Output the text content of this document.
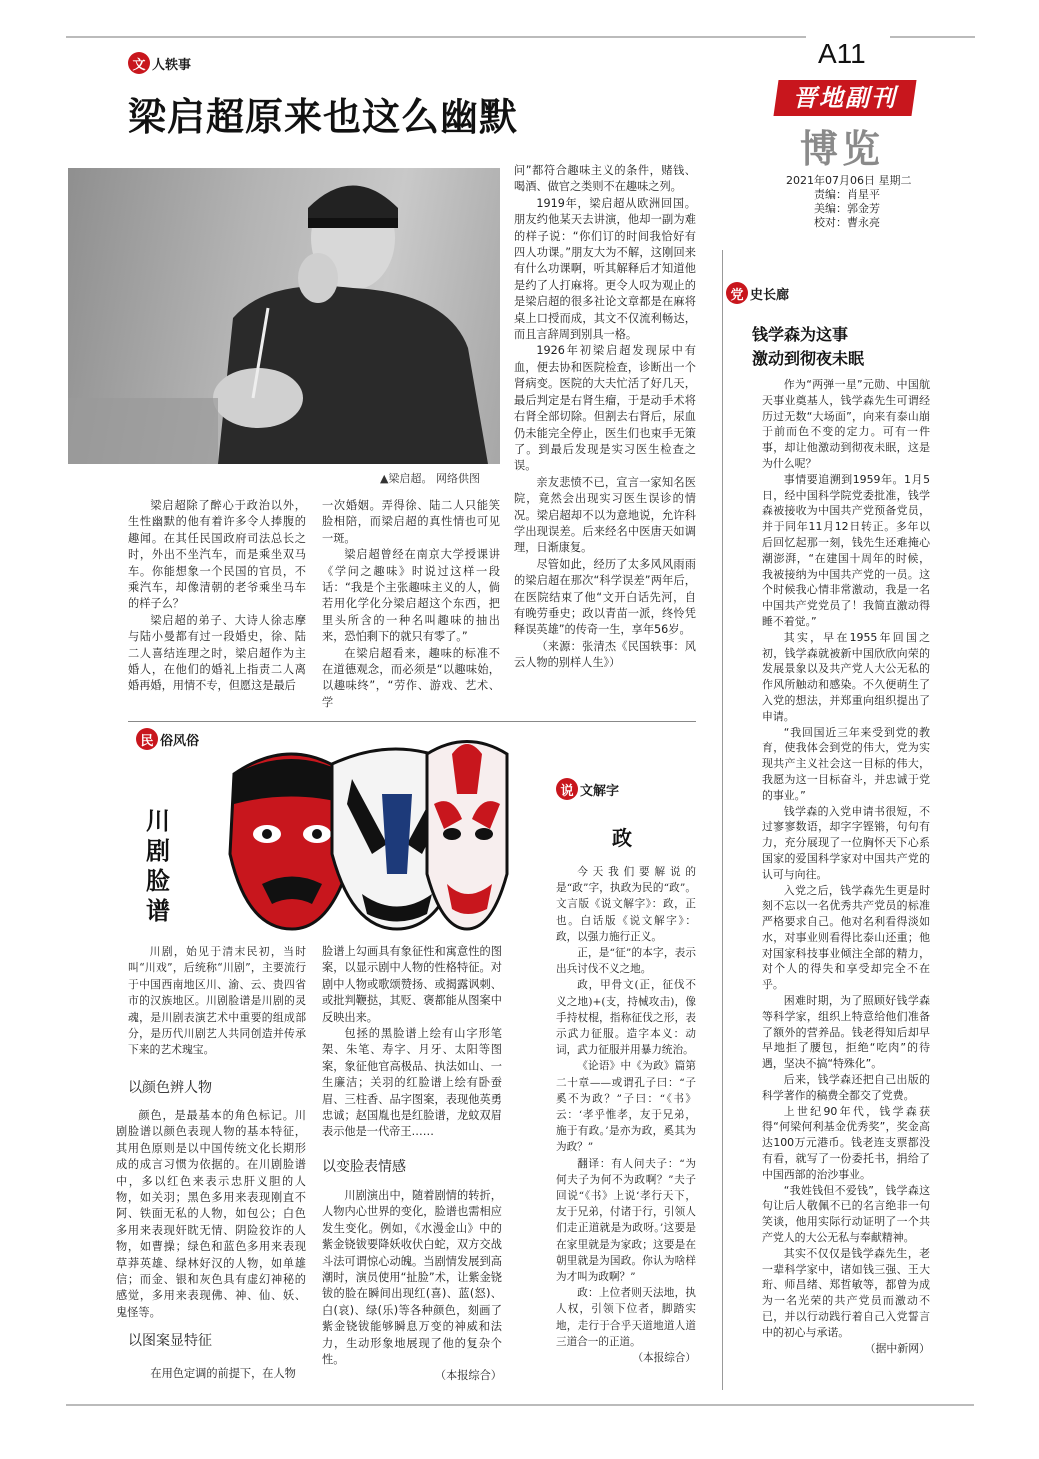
A11
晋地副刊
博览
2021年07月06日 星期二
责编：肖星平
美编：郭金芳
校对：曹永亮
文 人轶事
梁启超原来也这么幽默
▲梁启超。 网络供图

梁启超除了醉心于政治以外，生性幽默的他有着许多令人捧腹的趣闻。在其任民国政府司法总长之时，外出不坐汽车，而是乘坐双马车。你能想象一个民国的官员，不乘汽车，却像清朝的老爷乘坐马车的样子么？

梁启超的弟子、大诗人徐志摩与陆小曼都有过一段婚史，徐、陆二人喜结连理之时，梁启超作为主婚人，在他们的婚礼上指责二人离婚再婚，用情不专，但愿这是最后

一次婚姻。弄得徐、陆二人只能笑脸相陪，而梁启超的真性情也可见一斑。

梁启超曾经在南京大学授课讲《学问之趣味》时说过这样一段话：“我是个主张趣味主义的人，倘若用化学化分梁启超这个东西，把里头所含的一种名叫趣味的抽出来，恐怕剩下的就只有零了。”

在梁启超看来，趣味的标准不在道德观念，而必须是“以趣味始，以趣味终”，“劳作、游戏、艺术、学

问”都符合趣味主义的条件，赌钱、喝酒、做官之类则不在趣味之列。

1919年，梁启超从欧洲回国。朋友约他某天去讲演，他却一副为难的样子说：“你们订的时间我恰好有四人功课。”朋友大为不解，这刚回来有什么功课啊，听其解释后才知道他是约了人打麻将。更令人叹为观止的是梁启超的很多社论文章都是在麻将桌上口授而成，其文不仅流利畅达，而且言辞周到别具一格。

1926年初梁启超发现尿中有血，便去协和医院检查，诊断出一个肾病变。医院的大夫忙活了好几天，最后判定是右肾生瘤，于是动手术将右肾全部切除。但割去右肾后，尿血仍未能完全停止，医生们也束手无策了。到最后发现是实习医生检查之误。

亲友悲愤不已，宣言一家知名医院，竟然会出现实习医生误诊的情况。梁启超却不以为意地说，允许科学出现误差。后来经名中医唐天如调理，日渐康复。

尽管如此，经历了太多风风雨雨的梁启超在那次“科学误差”两年后，在医院结束了他“文开白话先河，自有晚劳垂史；政以青苗一派，终怜凭释误英雄”的传奇一生，享年56岁。

（来源：张清杰《民国轶事：风云人物的别样人生》）

民 俗风俗
川剧脸谱
川剧，始见于清末民初，当时叫“川戏”，后统称“川剧”，主要流行于中国西南地区川、渝、云、贵四省市的汉族地区。川剧脸谱是川剧的灵魂，是川剧表演艺术中重要的组成部分，是历代川剧艺人共同创造并传承下来的艺术瑰宝。
以颜色辨人物

颜色，是最基本的角色标记。川剧脸谱以颜色表现人物的基本特征，其用色原则是以中国传统文化长期形成的成言习惯为依据的。在川剧脸谱中，多以红色来表示忠肝义胆的人物，如关羽；黑色多用来表现刚直不阿、铁面无私的人物，如包公；白色多用来表现奸眈无情、阴险狡诈的人物，如曹操；绿色和蓝色多用来表现草莽英雄、绿林好汉的人物，如单雄信；而金、银和灰色具有虚幻神秘的感觉，多用来表现佛、神、仙、妖、鬼怪等。

以图案显特征

在用色定调的前提下，在人物

脸谱上勾画具有象征性和寓意性的图案，以显示剧中人物的性格特征。对剧中人物或歌颂赞扬、或揭露讽刺、或批判鞭挞，其贬、褒都能从图案中反映出来。

包拯的黑脸谱上绘有山字形笔架、朱笔、寿字、月牙、太阳等图案，象征他官高极品、执法如山、一生廉洁；关羽的红脸谱上绘有卧蚕眉、三柱香、品字图案，表现他英勇忠诚；赵国胤也是红脸谱，龙蚊双眉表示他是一代帝王……

以变脸表情感

川剧演出中，随着剧情的转折，人物内心世界的变化，脸谱也需相应发生变化。例如，《水漫金山》中的紫金铙钹要降妖收伏白蛇，双方交战斗法可谓惊心动魄。当剧情发展到高潮时，演员使用“扯脸”术，让紫金铙钹的脸在瞬间出现红(喜)、蓝(怒)、白(哀)、绿(乐)等各种颜色，刻画了紫金铙钹能够瞬息万变的神威和法力，生动形象地展现了他的复杂个性。

（本报综合）

说 文解字
政

今天我们要解说的是“政”字，执政为民的“政”。文言版《说文解字》：政，正也。白话版《说文解字》：政，以强力施行正义。

正，是“征”的本字，表示出兵讨伐不义之地。

政，甲骨文(正，征伐不义之地)+(支，持械攻击)，像手持杖棍，指称征伐之形，表示武力征服。造字本义：动词，武力征服并用暴力统治。

《论语》中《为政》篇第二十章——或谓孔子曰：“子奚不为政？”子曰：“《书》云：‘孝乎惟孝，友于兄弟，施于有政。’是亦为政，奚其为为政？”

翻译：有人问夫子：“为何夫子为何不为政啊？”夫子回说“《书》上说‘孝行天下，友于兄弟，付诸于行，引领人们走正道就是为政呀。’这要是在家里就是为家政；这要是在朝里就是为国政。你认为啥样为才叫为政啊？”

政：上位者则天法地，执人权，引领下位者，脚踏实地，走行于合乎天道地道人道三道合一的正道。

（本报综合）

党 史长廊
钱学森为这事
激动到彻夜未眠

作为“两弹一星”元勋、中国航天事业奠基人，钱学森先生可谓经历过无数“大场面”，向来有泰山崩于前而色不变的定力。可有一件事，却让他激动到彻夜未眠，这是为什么呢？

事情要追溯到1959年。1月5日，经中国科学院党委批准，钱学森被接收为中国共产党预备党员，并于同年11月12日转正。多年以后回忆起那一刻，钱先生还难掩心潮澎湃，“在建国十周年的时候，我被接纳为中国共产党的一员。这个时候我心情非常激动，我是一名中国共产党党员了！我简直激动得睡不着觉。”

其实，早在1955年回国之初，钱学森就被新中国欣欣向荣的发展景象以及共产党人大公无私的作风所触动和感染。不久便萌生了入党的想法，并郑重向组织提出了申请。

“我回国近三年来受到党的教育，使我体会到党的伟大，党为实现共产主义社会这一目标的伟大，我愿为这一目标奋斗，并忠诚于党的事业。”

钱学森的入党申请书很短，不过寥寥数语，却字字铿锵，句句有力，充分展现了一位胸怀天下心系国家的爱国科学家对中国共产党的认可与向往。

入党之后，钱学森先生更是时刻不忘以一名优秀共产党员的标准严格要求自己。他对名利看得淡如水，对事业则看得比泰山还重；他对国家科技事业倾注全部的精力，对个人的得失和享受却完全不在乎。

困难时期，为了照顾好钱学森等科学家，组织上特意给他们准备了额外的营养品。钱老得知后却早早地拒了腰包，拒绝“吃肉”的待遇，坚决不搞“特殊化”。

后来，钱学森还把自己出版的科学著作的稿费全都交了党费。

上世纪90年代，钱学森获得“何梁何利基金优秀奖”，奖金高达100万元港币。钱老连支票都没有看，就写了一份委托书，捐给了中国西部的治沙事业。

“我姓钱但不爱钱”，钱学森这句让后人敬佩不已的名言绝非一句笑谈，他用实际行动证明了一个共产党人的大公无私与奉献精神。

其实不仅仅是钱学森先生，老一辈科学家中，诸如钱三强、王大珩、师昌绪、郑哲敏等，都曾为成为一名光荣的共产党员而激动不已，并以行动践行着自己入党誓言中的初心与承诺。

（据中新网）
